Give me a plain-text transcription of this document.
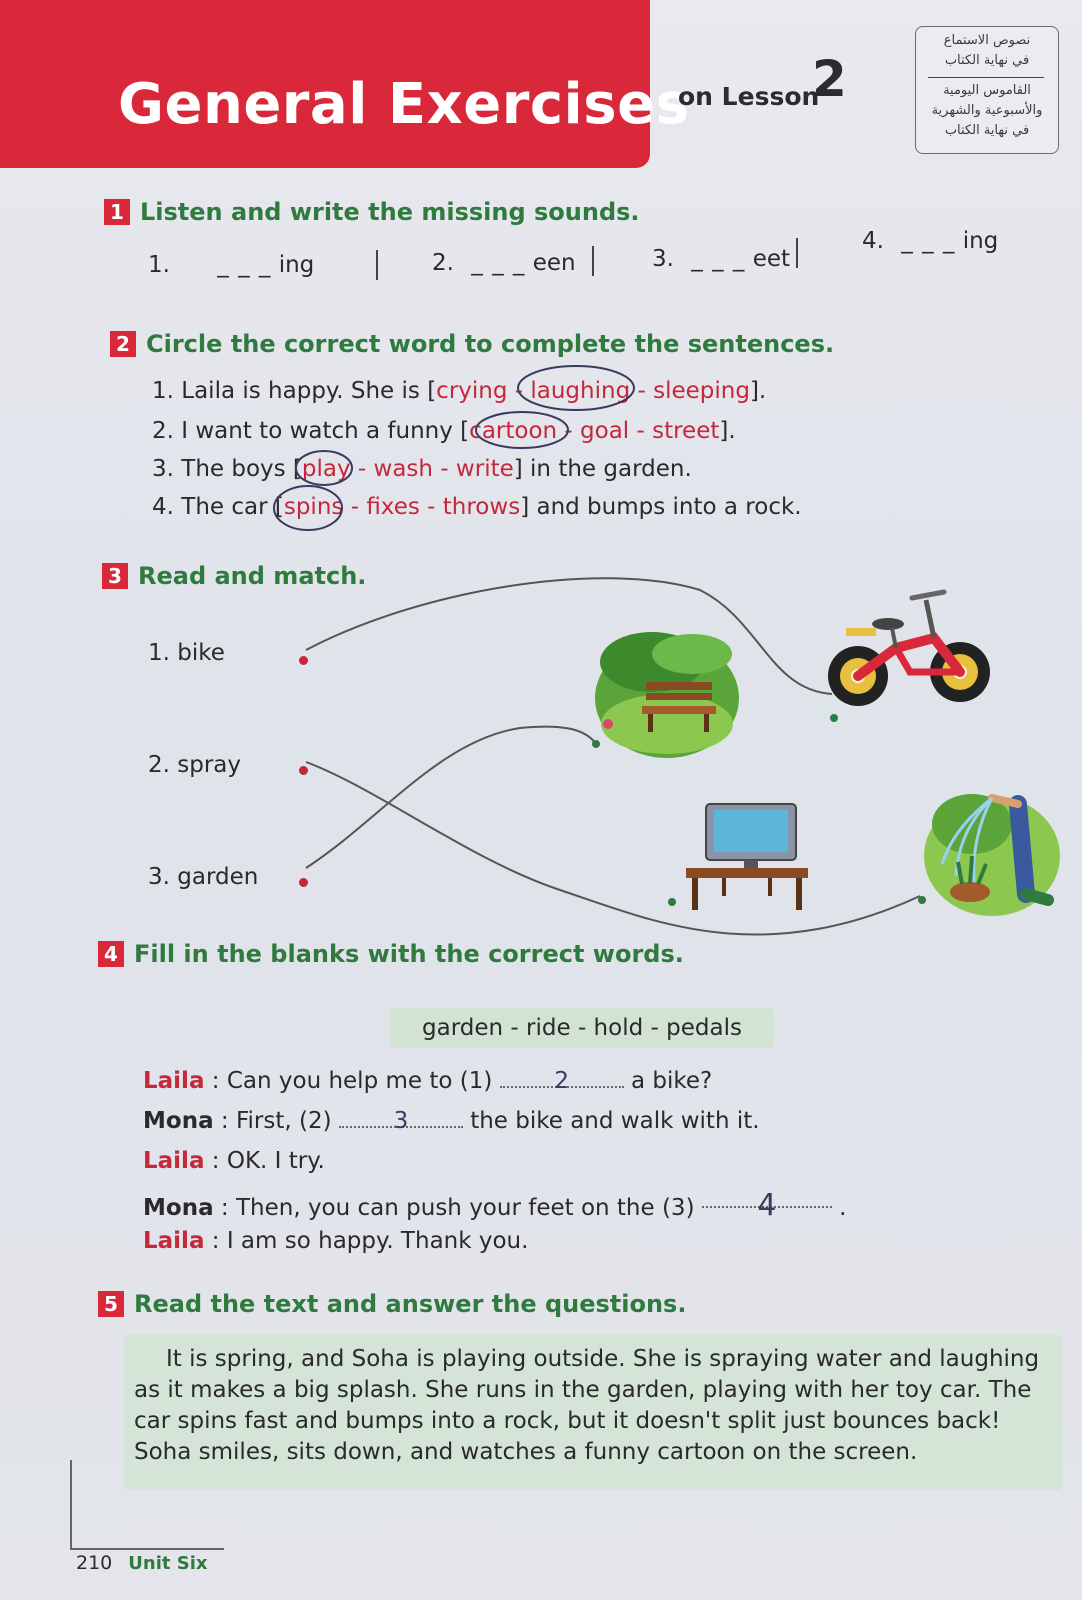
General Exercises
on Lesson
2
نصوص الاستماع
في نهاية الكتاب
القاموس اليومية
والأسبوعية والشهرية
في نهاية الكتاب
1 Listen and write the missing sounds.
1. _ _ _ ing	2. _ _ _ een	3. _ _ _ eet
4. _ _ _ ing
2 Circle the correct word to complete the sentences.
1. Laila is happy. She is [crying - laughing - sleeping].
2. I want to watch a funny [cartoon - goal - street].
3. The boys [play - wash - write] in the garden.
4. The car [spins - fixes - throws] and bumps into a rock.
3 Read and match.
1. bike
2. spray
3. garden
4 Fill in the blanks with the correct words.
garden - ride - hold - pedals
Laila : Can you help me to (1)	2	a bike?
Mona : First, (2)	3	the bike and walk with it.
Laila : OK. I try.
Mona : Then, you can push your feet on the (3) 4	.
Laila : I am so happy. Thank you.
5 Read the text and answer the questions.

It is spring, and Soha is playing outside. She is spraying water and laughing as it makes a big splash. She runs in the garden, playing with her toy car. The car spins fast and bumps into a rock, but it doesn't split just bounces back! Soha smiles, sits down, and watches a funny cartoon on the screen.

210 Unit Six
